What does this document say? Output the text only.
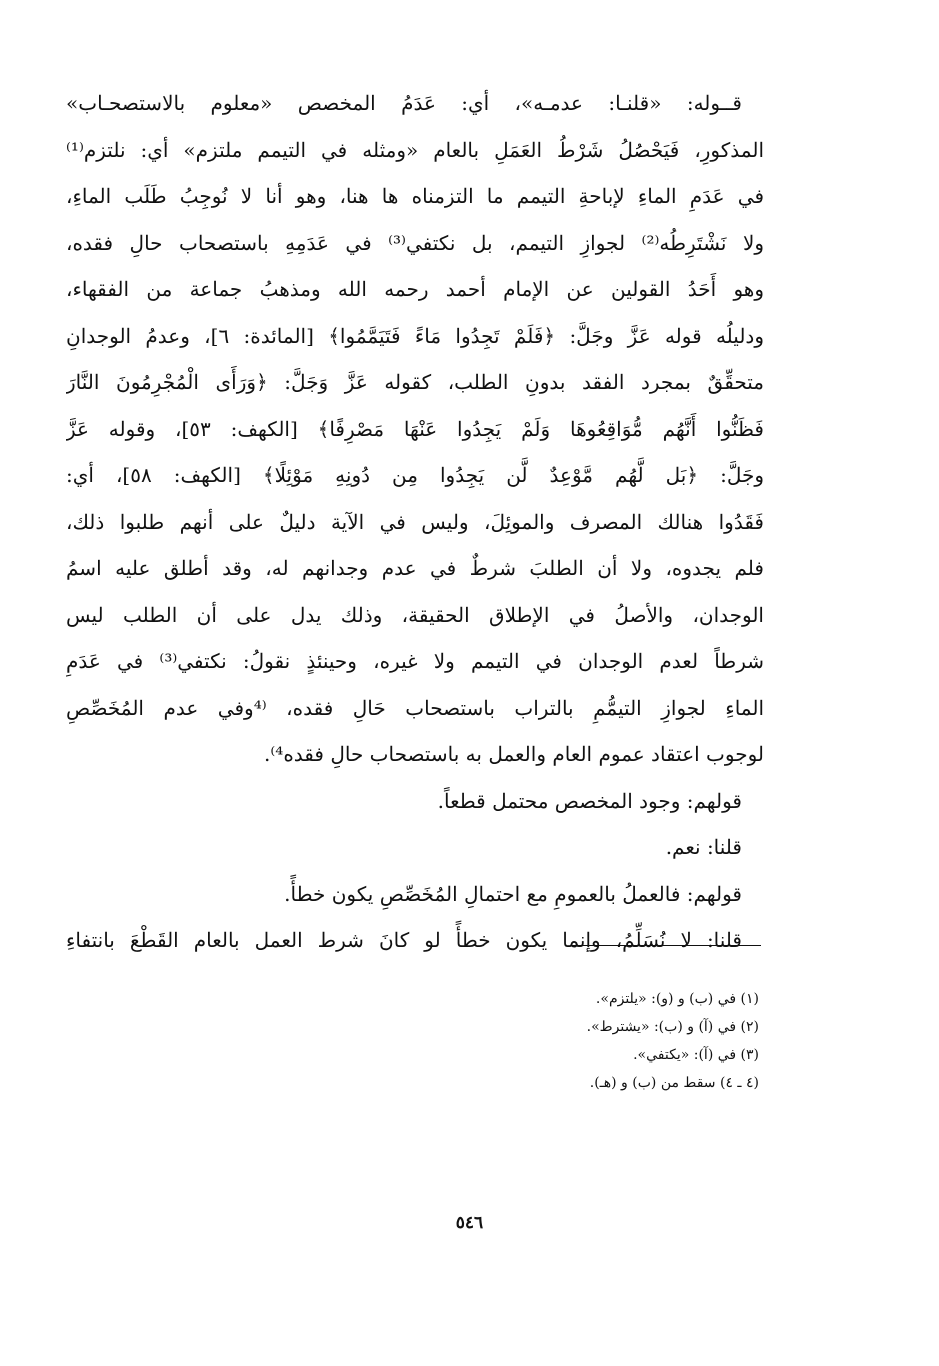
قــوله: «قلنـا: عدمـه»، أي: عَدَمُ المخصص «معلوم بالاستصحـاب»
المذكورِ، فَيَحْصُلُ شَرْطُ العَمَلِ بالعام «ومثله في التيمم ملتزم» أي: نلتزم⁽¹⁾
في عَدَمِ الماءِ لإباحةِ التيمم ما التزمناه ها هنا، وهو أنا لا نُوجِبُ طَلَب الماءِ،
ولا نَشْتَرِطُه⁽²⁾ لجوازِ التيمم، بل نكتفي⁽³⁾ في عَدَمِهِ باستصحاب حالِ فقده،
وهو أَحَدُ القولين عن الإمام أحمد رحمه الله ومذهبُ جماعة من الفقهاء،
ودليلُه قوله عَزَّ وجَلَّ: ﴿فَلَمْ تَجِدُوا مَاءً فَتَيَمَّمُوا﴾ [المائدة: ٦]، وعدمُ الوجدانِ
متحقِّقٌ بمجرد الفقد بدونِ الطلب، كقوله عَزَّ وَجَلَّ: ﴿وَرَأَى الْمُجْرِمُونَ النَّارَ
فَظَنُّوا أَنَّهُم مُّوَاقِعُوهَا وَلَمْ يَجِدُوا عَنْهَا مَصْرِفًا﴾ [الكهف: ٥٣]، وقوله عَزَّ
وجَلَّ: ﴿بَل لَّهُم مَّوْعِدٌ لَّن يَجِدُوا مِن دُونِهِ مَوْئِلًا﴾ [الكهف: ٥٨]، أي:
فَقَدُوا هنالك المصرف والموئِلَ، وليس في الآية دليلٌ على أنهم طلبوا ذلك،
فلم يجدوه، ولا أن الطلبَ شرطٌ في عدم وجدانهم له، وقد أطلق عليه اسمُ
الوجدان، والأصلُ في الإطلاق الحقيقة، وذلك يدل على أن الطلب ليس
شرطاً لعدم الوجدان في التيمم ولا غيره، وحينئذٍ نقولُ: نكتفي⁽³⁾ في عَدَمِ
الماءِ لجوازِ التيمُّمِ بالتراب باستصحاب حَالِ فقده، ⁽⁴وفي عدم المُخَصِّصِ
لوجوب اعتقاد عموم العام والعمل به باستصحاب حالِ فقده⁴⁾.
قولهم: وجود المخصص محتمل قطعاً.
قلنا: نعم.
قولهم: فالعملُ بالعمومِ مع احتمالِ المُخَصِّصِ يكون خطأً.
قلنا: لا نُسَلِّمُ، وإنما يكون خطأً لو كانَ شرط العمل بالعام القَطْعَ بانتفاءِ
(١) في (ب) و (و): «يلتزم».
(٢) في (آ) و (ب): «يشترط».
(٣) في (آ): «يكتفي».
(٤ ـ ٤) سقط من (ب) و (هـ).
٥٤٦
